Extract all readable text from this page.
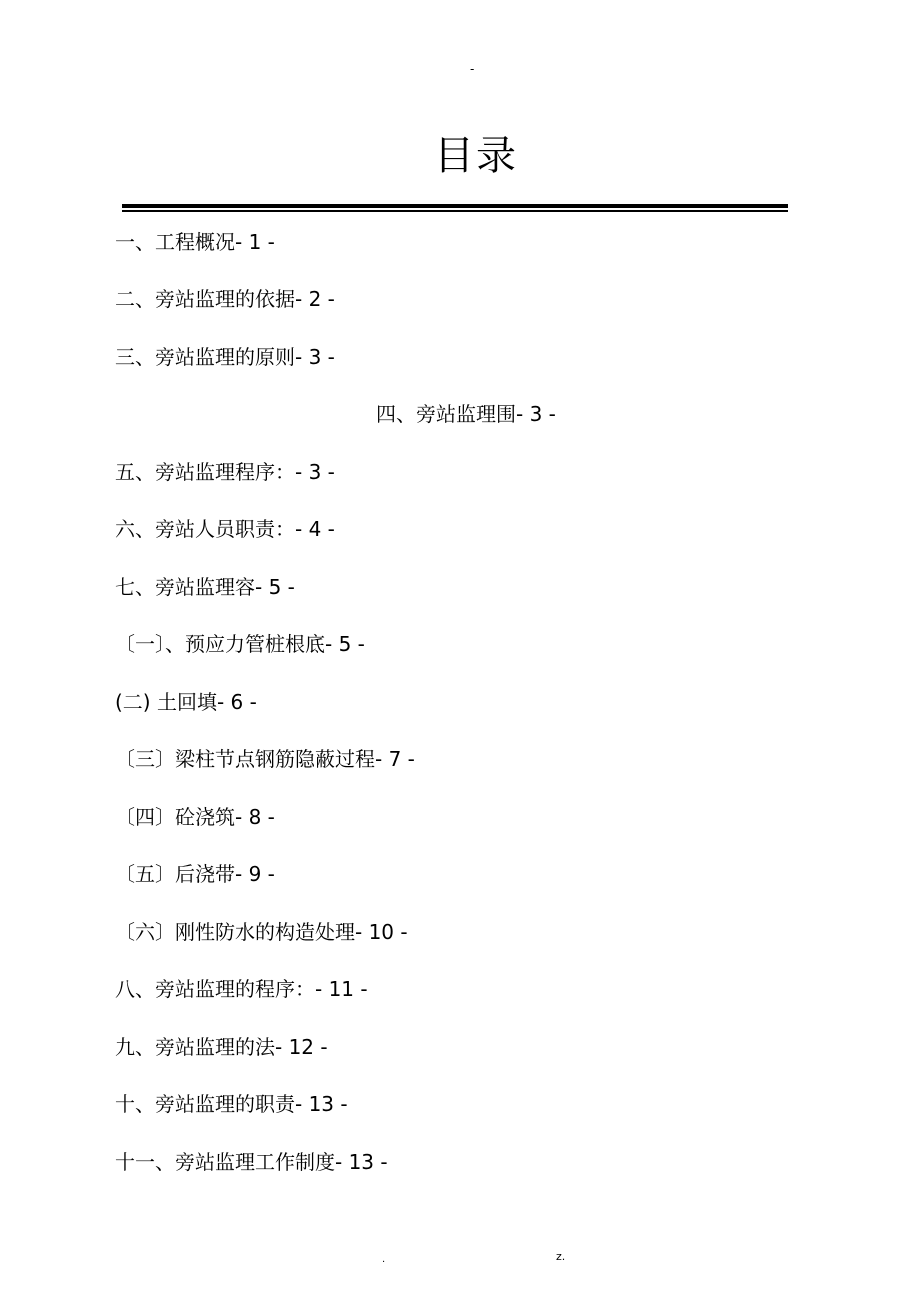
-
目录
一、工程概况- 1 -
二、旁站监理的依据- 2 -
三、旁站监理的原则- 3 -
四、旁站监理围- 3 -
五、旁站监理程序：- 3 -
六、旁站人员职责：- 4 -
七、旁站监理容- 5 -
〔一〕、预应力管桩根底- 5 -
(二) 土回填- 6 -
〔三〕梁柱节点钢筋隐蔽过程- 7 -
〔四〕砼浇筑- 8 -
〔五〕后浇带- 9 -
〔六〕刚性防水的构造处理- 10 -
八、旁站监理的程序：- 11 -
九、旁站监理的法- 12 -
十、旁站监理的职责- 13 -
十一、旁站监理工作制度- 13 -
.	z.
